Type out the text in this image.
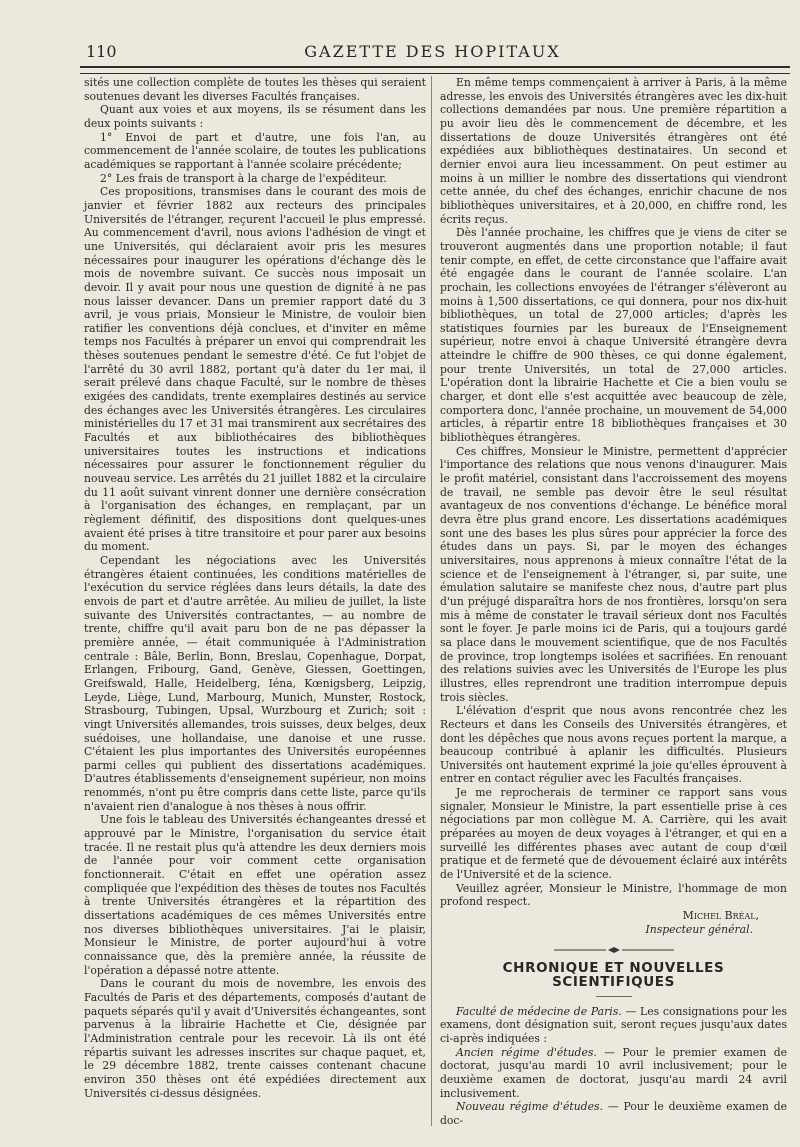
110	GAZETTE DES HOPITAUX

sités une collection complète de toutes les thèses qui seraient soutenues devant les diverses Facultés françaises.

Quant aux voies et aux moyens, ils se résument dans les deux points suivants :

1° Envoi de part et d'autre, une fois l'an, au commencement de l'année scolaire, de toutes les publications académiques se rapportant à l'année scolaire précédente;

2° Les frais de transport à la charge de l'expéditeur.

Ces propositions, transmises dans le courant des mois de janvier et février 1882 aux recteurs des principales Universités de l'étranger, reçurent l'accueil le plus empressé. Au commencement d'avril, nous avions l'adhésion de vingt et une Universités, qui déclaraient avoir pris les mesures nécessaires pour inaugurer les opérations d'échange dès le mois de novembre suivant. Ce succès nous imposait un devoir. Il y avait pour nous une question de dignité à ne pas nous laisser devancer. Dans un premier rapport daté du 3 avril, je vous priais, Monsieur le Ministre, de vouloir bien ratifier les conventions déjà conclues, et d'inviter en même temps nos Facultés à préparer un envoi qui comprendrait les thèses soutenues pendant le semestre d'été. Ce fut l'objet de l'arrêté du 30 avril 1882, portant qu'à dater du 1er mai, il serait prélevé dans chaque Faculté, sur le nombre de thèses exigées des candidats, trente exemplaires destinés au service des échanges avec les Universités étrangères. Les circulaires ministérielles du 17 et 31 mai transmirent aux secrétaires des Facultés et aux bibliothécaires des bibliothèques universitaires toutes les instructions et indications nécessaires pour assurer le fonctionnement régulier du nouveau service. Les arrêtés du 21 juillet 1882 et la circulaire du 11 août suivant vinrent donner une dernière consécration à l'organisation des échanges, en remplaçant, par un règlement définitif, des dispositions dont quelques-unes avaient été prises à titre transitoire et pour parer aux besoins du moment.

Cependant les négociations avec les Universités étrangères étaient continuées, les conditions matérielles de l'exécution du service réglées dans leurs détails, la date des envois de part et d'autre arrêtée. Au milieu de juillet, la liste suivante des Universités contractantes, — au nombre de trente, chiffre qu'il avait paru bon de ne pas dépasser la première année, — était communiquée à l'Administration centrale : Bâle, Berlin, Bonn, Breslau, Copenhague, Dorpat, Erlangen, Fribourg, Gand, Genève, Giessen, Goettingen, Greifswald, Halle, Heidelberg, Iéna, Kœnigsberg, Leipzig, Leyde, Liège, Lund, Marbourg, Munich, Munster, Rostock, Strasbourg, Tubingen, Upsal, Wurzbourg et Zurich; soit : vingt Universités allemandes, trois suisses, deux belges, deux suédoises, une hollandaise, une danoise et une russe. C'étaient les plus importantes des Universités européennes parmi celles qui publient des dissertations académiques. D'autres établissements d'enseignement supérieur, non moins renommés, n'ont pu être compris dans cette liste, parce qu'ils n'avaient rien d'analogue à nos thèses à nous offrir.

Une fois le tableau des Universités échangeantes dressé et approuvé par le Ministre, l'organisation du service était tracée. Il ne restait plus qu'à attendre les deux derniers mois de l'année pour voir comment cette organisation fonctionnerait. C'était en effet une opération assez compliquée que l'expédition des thèses de toutes nos Facultés à trente Universités étrangères et la répartition des dissertations académiques de ces mêmes Universités entre nos diverses bibliothèques universitaires. J'ai le plaisir, Monsieur le Ministre, de porter aujourd'hui à votre connaissance que, dès la première année, la réussite de l'opération a dépassé notre attente.

Dans le courant du mois de novembre, les envois des Facultés de Paris et des départements, composés d'autant de paquets séparés qu'il y avait d'Universités échangeantes, sont parvenus à la librairie Hachette et Cie, désignée par l'Administration centrale pour les recevoir. Là ils ont été répartis suivant les adresses inscrites sur chaque paquet, et, le 29 décembre 1882, trente caisses contenant chacune environ 350 thèses ont été expédiées directement aux Universités ci-dessus désignées.

En même temps commençaient à arriver à Paris, à la même adresse, les envois des Universités étrangères avec les dix-huit collections demandées par nous. Une première répartition a pu avoir lieu dès le commencement de décembre, et les dissertations de douze Universités étrangères ont été expédiées aux bibliothèques destinataires. Un second et dernier envoi aura lieu incessamment. On peut estimer au moins à un millier le nombre des dissertations qui viendront cette année, du chef des échanges, enrichir chacune de nos bibliothèques universitaires, et à 20,000, en chiffre rond, les écrits reçus.

Dès l'année prochaine, les chiffres que je viens de citer se trouveront augmentés dans une proportion notable; il faut tenir compte, en effet, de cette circonstance que l'affaire avait été engagée dans le courant de l'année scolaire. L'an prochain, les collections envoyées de l'étranger s'élèveront au moins à 1,500 dissertations, ce qui donnera, pour nos dix-huit bibliothèques, un total de 27,000 articles; d'après les statistiques fournies par les bureaux de l'Enseignement supérieur, notre envoi à chaque Université étrangère devra atteindre le chiffre de 900 thèses, ce qui donne également, pour trente Universités, un total de 27,000 articles. L'opération dont la librairie Hachette et Cie a bien voulu se charger, et dont elle s'est acquittée avec beaucoup de zèle, comportera donc, l'année prochaine, un mouvement de 54,000 articles, à répartir entre 18 bibliothèques françaises et 30 bibliothèques étrangères.

Ces chiffres, Monsieur le Ministre, permettent d'apprécier l'importance des relations que nous venons d'inaugurer. Mais le profit matériel, consistant dans l'accroissement des moyens de travail, ne semble pas devoir être le seul résultat avantageux de nos conventions d'échange. Le bénéfice moral devra être plus grand encore. Les dissertations académiques sont une des bases les plus sûres pour apprécier la force des études dans un pays. Si, par le moyen des échanges universitaires, nous apprenons à mieux connaître l'état de la science et de l'enseignement à l'étranger, si, par suite, une émulation salutaire se manifeste chez nous, d'autre part plus d'un préjugé disparaîtra hors de nos frontières, lorsqu'on sera mis à même de constater le travail sérieux dont nos Facultés sont le foyer. Je parle moins ici de Paris, qui a toujours gardé sa place dans le mouvement scientifique, que de nos Facultés de province, trop longtemps isolées et sacrifiées. En renouant des relations suivies avec les Universités de l'Europe les plus illustres, elles reprendront une tradition interrompue depuis trois siècles.

L'élévation d'esprit que nous avons rencontrée chez les Recteurs et dans les Conseils des Universités étrangères, et dont les dépêches que nous avons reçues portent la marque, a beaucoup contribué à aplanir les difficultés. Plusieurs Universités ont hautement exprimé la joie qu'elles éprouvent à entrer en contact régulier avec les Facultés françaises.

Je me reprocherais de terminer ce rapport sans vous signaler, Monsieur le Ministre, la part essentielle prise à ces négociations par mon collègue M. A. Carrière, qui les avait préparées au moyen de deux voyages à l'étranger, et qui en a surveillé les différentes phases avec autant de coup d'œil pratique et de fermeté que de dévouement éclairé aux intérêts de l'Université et de la science.

Veuillez agréer, Monsieur le Ministre, l'hommage de mon profond respect.

Michel Bréal,

Inspecteur général.

CHRONIQUE ET NOUVELLES SCIENTIFIQUES

Faculté de médecine de Paris. — Les consignations pour les examens, dont désignation suit, seront reçues jusqu'aux dates ci-après indiquées :

Ancien régime d'études. — Pour le premier examen de doctorat, jusqu'au mardi 10 avril inclusivement; pour le deuxième examen de doctorat, jusqu'au mardi 24 avril inclusivement.

Nouveau régime d'études. — Pour le deuxième examen de doc-
